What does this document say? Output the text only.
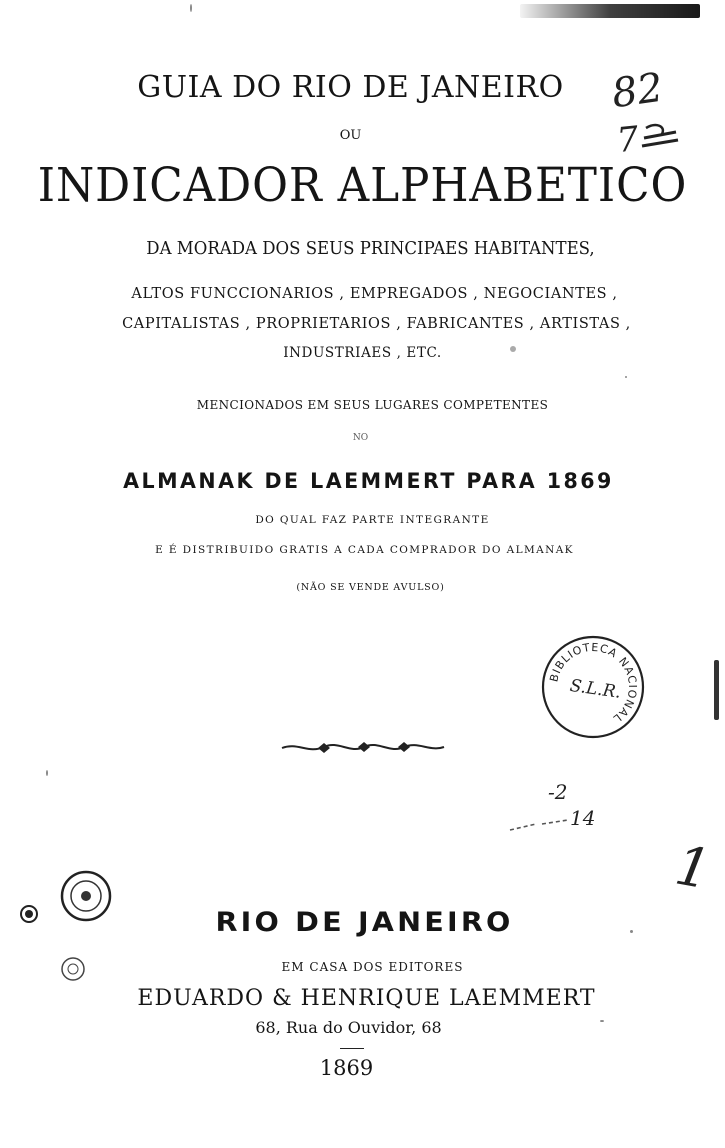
GUIA DO RIO DE JANEIRO
OU
INDICADOR ALPHABETICO
DA MORADA DOS SEUS PRINCIPAES HABITANTES,
ALTOS FUNCCIONARIOS , EMPREGADOS , NEGOCIANTES ,
CAPITALISTAS , PROPRIETARIOS , FABRICANTES , ARTISTAS ,
INDUSTRIAES , ETC.
MENCIONADOS EM SEUS LUGARES COMPETENTES
NO
ALMANAK DE LAEMMERT PARA 1869
DO QUAL FAZ PARTE INTEGRANTE
E É DISTRIBUIDO GRATIS A CADA COMPRADOR DO ALMANAK
(NÃO SE VENDE AVULSO)
82
7
BIBLIOTECA NACIONAL
S.L.R.
-2
14
1
RIO DE JANEIRO
EM CASA DOS EDITORES
EDUARDO & HENRIQUE LAEMMERT
68, Rua do Ouvidor, 68
1869
